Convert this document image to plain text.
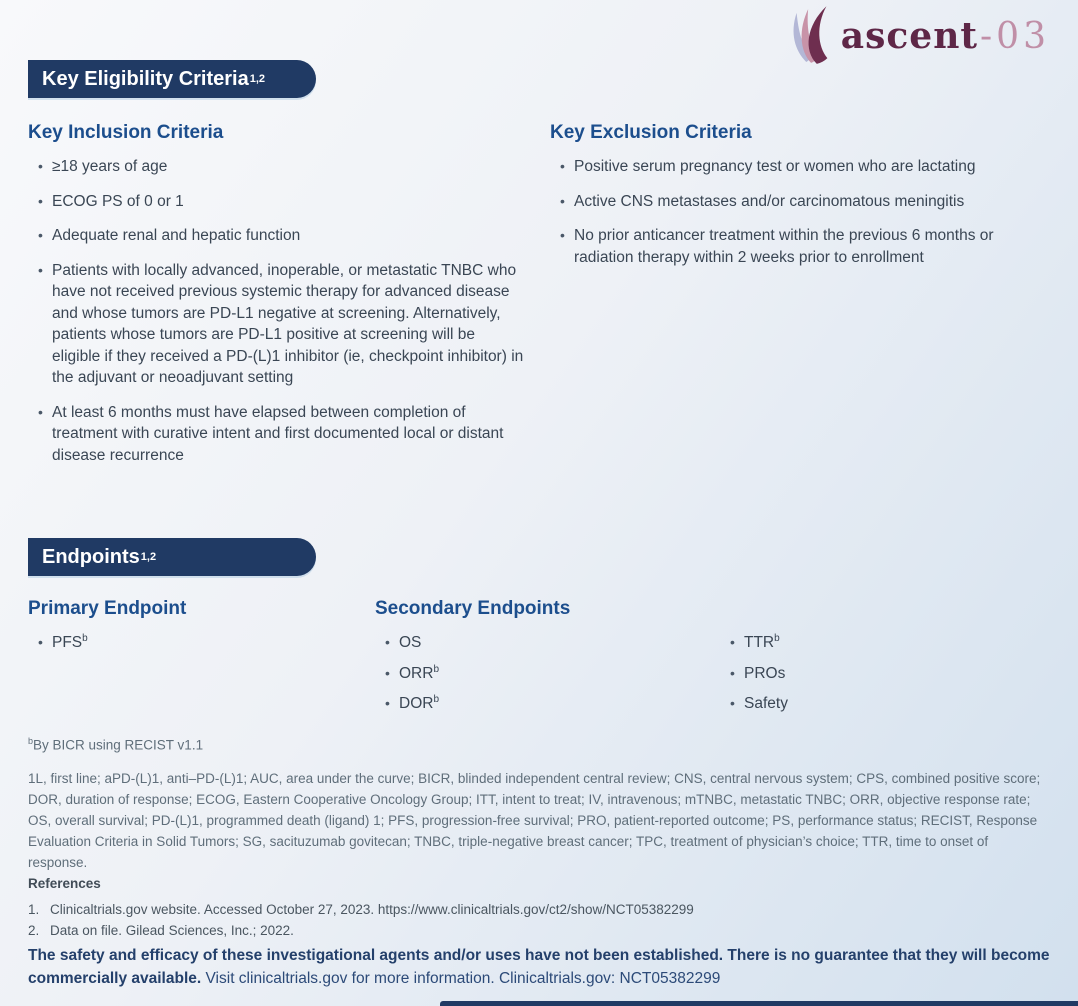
ascent-03
Key Eligibility Criteria 1,2
Key Inclusion Criteria
•
≥18 years of age
•
ECOG PS of 0 or 1
•
Adequate renal and hepatic function
•
Patients with locally advanced, inoperable, or metastatic TNBC who have not received previous systemic therapy for advanced disease and whose tumors are PD-L1 negative at screening. Alternatively, patients whose tumors are PD-L1 positive at screening will be eligible if they received a PD-(L)1 inhibitor (ie, checkpoint inhibitor) in the adjuvant or neoadjuvant setting
•
At least 6 months must have elapsed between completion of treatment with curative intent and first documented local or distant disease recurrence
Key Exclusion Criteria
•
Positive serum pregnancy test or women who are lactating
•
Active CNS metastases and/or carcinomatous meningitis
•
No prior anticancer treatment within the previous 6 months or radiation therapy within 2 weeks prior to enrollment
Endpoints 1,2
Primary Endpoint
•
PFS$^b$
Secondary Endpoints
•
OS
•
ORR$^b$
•
DOR$^b$
•
TTR$^b$
•
PROs
•
Safety

$^b$By BICR using RECIST v1.1

1L, first line; aPD-(L)1, anti–PD-(L)1; AUC, area under the curve; BICR, blinded independent central review; CNS, central nervous system; CPS, combined positive score; DOR, duration of response; ECOG, Eastern Cooperative Oncology Group; ITT, intent to treat; IV, intravenous; mTNBC, metastatic TNBC; ORR, objective response rate; OS, overall survival; PD-(L)1, programmed death (ligand) 1; PFS, progression-free survival; PRO, patient-reported outcome; PS, performance status; RECIST, Response Evaluation Criteria in Solid Tumors; SG, sacituzumab govitecan; TNBC, triple-negative breast cancer; TPC, treatment of physician’s choice; TTR, time to onset of response.

References

1. Clinicaltrials.gov website. Accessed October 27, 2023. https://www.clinicaltrials.gov/ct2/show/NCT05382299

2. Data on file. Gilead Sciences, Inc.; 2022.

The safety and efficacy of these investigational agents and/or uses have not been established. There is no guarantee that they will become commercially available. Visit clinicaltrials.gov for more information. Clinicaltrials.gov: NCT05382299
